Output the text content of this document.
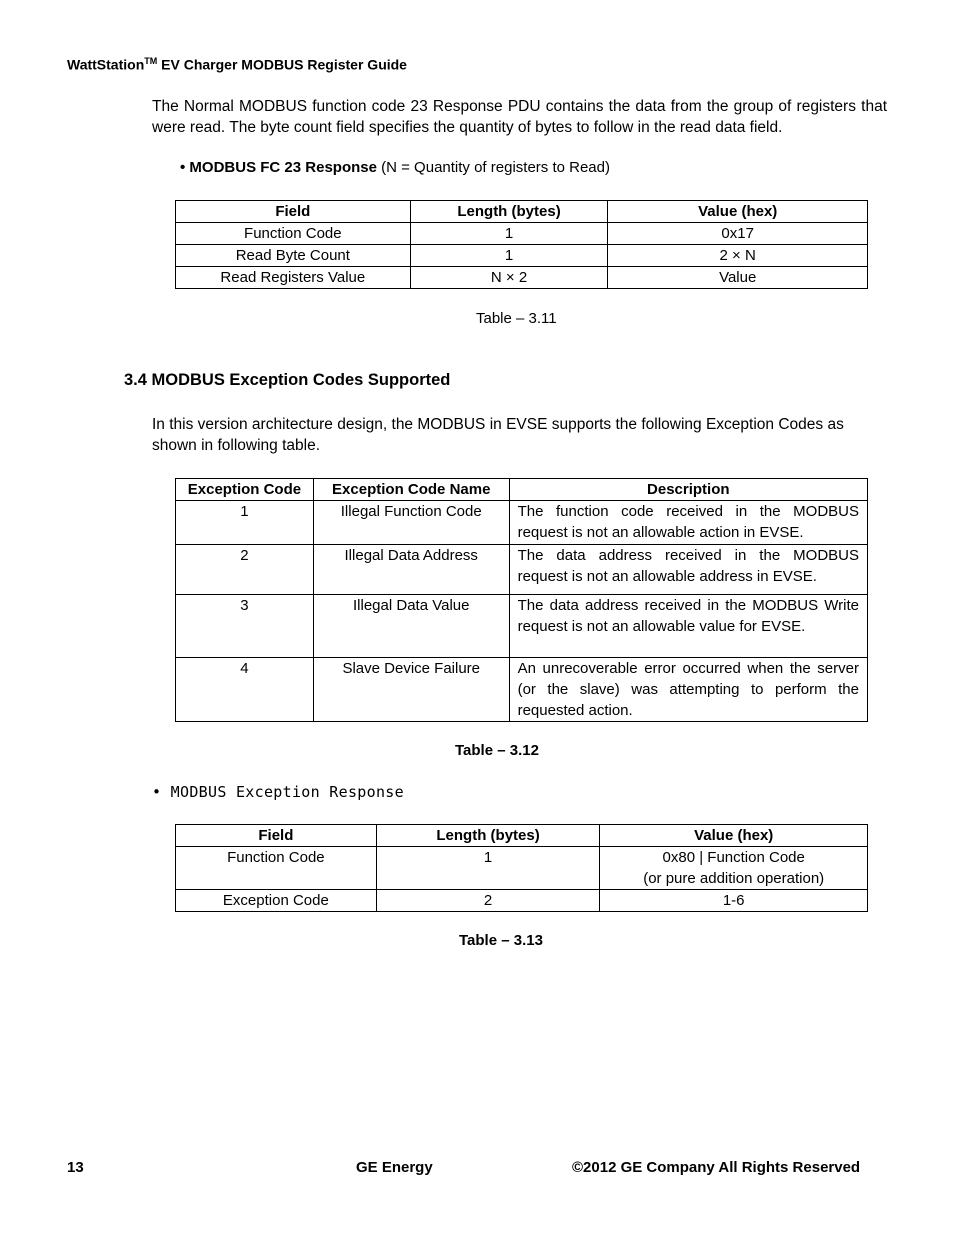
WattStation™ EV Charger MODBUS Register Guide
The Normal MODBUS function code 23 Response PDU contains the data from the group of registers that were read. The byte count field specifies the quantity of bytes to follow in the read data field.
• MODBUS FC 23 Response (N = Quantity of registers to Read)
Field	Length (bytes)	Value (hex)
Function Code	1	0x17
Read Byte Count	1	2 × N
Read Registers Value	N × 2	Value
Table – 3.11
3.4 MODBUS Exception Codes Supported
In this version architecture design, the MODBUS in EVSE supports the following Exception Codes as shown in following table.
Exception Code	Exception Code Name	Description
1	Illegal Function Code	The function code received in the MODBUS request is not an allowable action in EVSE.
2	Illegal Data Address	The data address received in the MODBUS request is not an allowable address in EVSE.
3	Illegal Data Value	The data address received in the MODBUS Write request is not an allowable value for EVSE.
4	Slave Device Failure	An unrecoverable error occurred when the server (or the slave) was attempting to perform the requested action.
Table – 3.12
• MODBUS Exception Response
Field	Length (bytes)	Value (hex)
Function Code	1	0x80 | Function Code
(or pure addition operation)

Exception Code	2	1-6
Table – 3.13
13	GE Energy	©2012 GE Company All Rights Reserved
